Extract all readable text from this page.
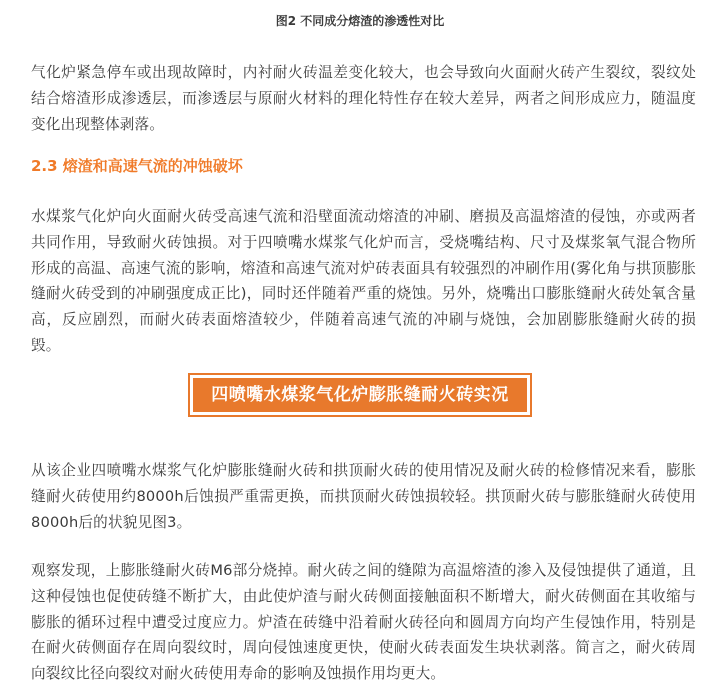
图2 不同成分熔渣的渗透性对比

气化炉紧急停车或出现故障时，内衬耐火砖温差变化较大，也会导致向火面耐火砖产生裂纹，裂纹处结合熔渣形成渗透层，而渗透层与原耐火材料的理化特性存在较大差异，两者之间形成应力，随温度变化出现整体剥落。

2.3 熔渣和高速气流的冲蚀破坏

水煤浆气化炉向火面耐火砖受高速气流和沿壁面流动熔渣的冲刷、磨损及高温熔渣的侵蚀，亦或两者共同作用，导致耐火砖蚀损。对于四喷嘴水煤浆气化炉而言，受烧嘴结构、尺寸及煤浆氧气混合物所形成的高温、高速气流的影响，熔渣和高速气流对炉砖表面具有较强烈的冲刷作用(雾化角与拱顶膨胀缝耐火砖受到的冲刷强度成正比)，同时还伴随着严重的烧蚀。另外，烧嘴出口膨胀缝耐火砖处氧含量高，反应剧烈，而耐火砖表面熔渣较少，伴随着高速气流的冲刷与烧蚀，会加剧膨胀缝耐火砖的损毁。

四喷嘴水煤浆气化炉膨胀缝耐火砖实况

从该企业四喷嘴水煤浆气化炉膨胀缝耐火砖和拱顶耐火砖的使用情况及耐火砖的检修情况来看，膨胀缝耐火砖使用约8000h后蚀损严重需更换，而拱顶耐火砖蚀损较轻。拱顶耐火砖与膨胀缝耐火砖使用8000h后的状貌见图3。

观察发现，上膨胀缝耐火砖M6部分烧掉。耐火砖之间的缝隙为高温熔渣的渗入及侵蚀提供了通道，且这种侵蚀也促使砖缝不断扩大，由此使炉渣与耐火砖侧面接触面积不断增大，耐火砖侧面在其收缩与膨胀的循环过程中遭受过度应力。炉渣在砖缝中沿着耐火砖径向和圆周方向均产生侵蚀作用，特别是在耐火砖侧面存在周向裂纹时，周向侵蚀速度更快，使耐火砖表面发生块状剥落。简言之，耐火砖周向裂纹比径向裂纹对耐火砖使用寿命的影响及蚀损作用均更大。
